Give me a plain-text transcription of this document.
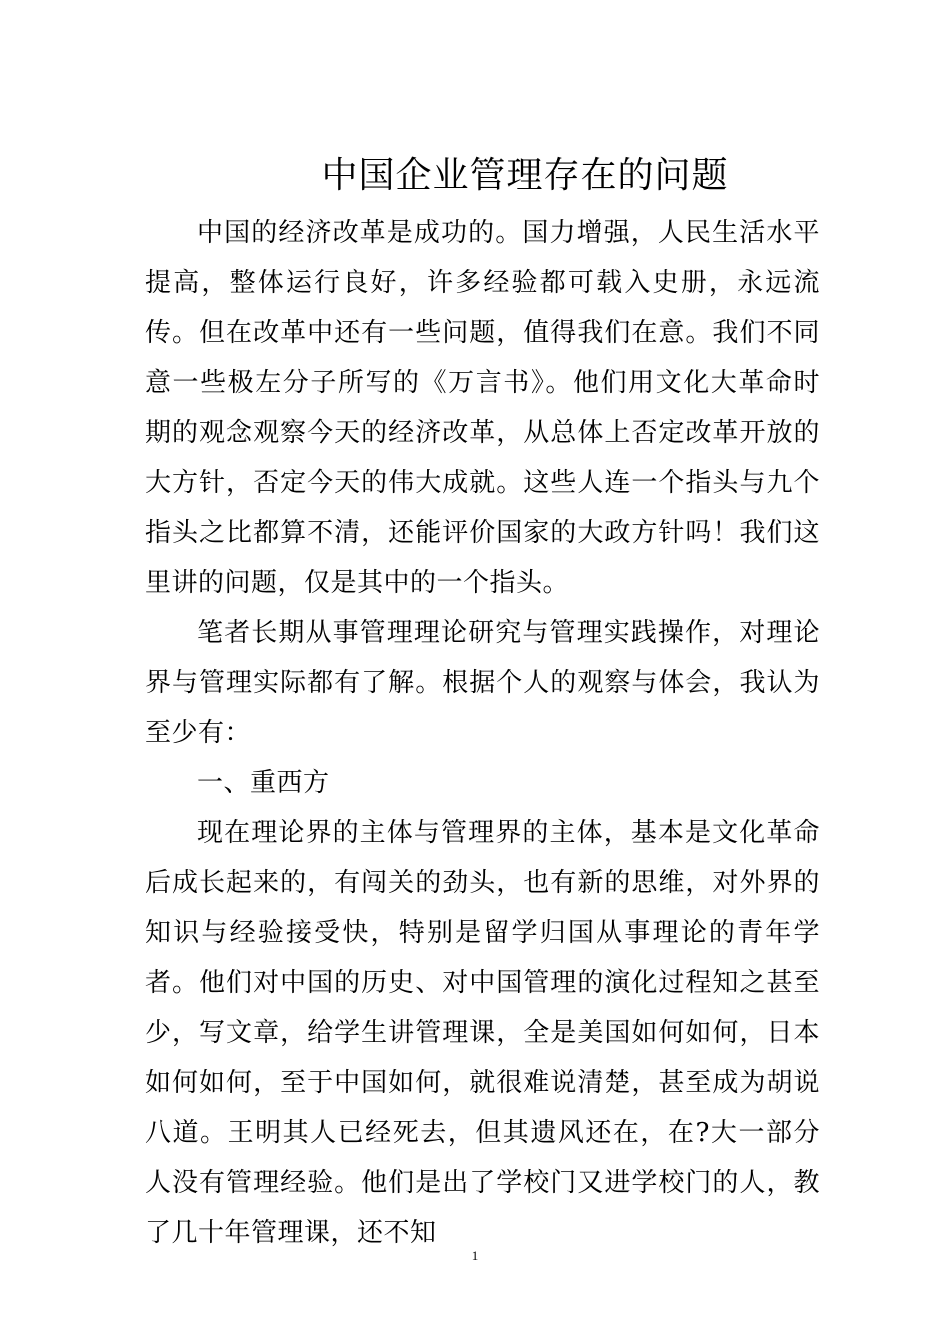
中国企业管理存在的问题

中国的经济改革是成功的。国力增强，人民生活水平提高，整体运行良好，许多经验都可载入史册，永远流传。但在改革中还有一些问题，值得我们在意。我们不同意一些极左分子所写的《万言书》。他们用文化大革命时期的观念观察今天的经济改革，从总体上否定改革开放的大方针，否定今天的伟大成就。这些人连一个指头与九个指头之比都算不清，还能评价国家的大政方针吗！我们这里讲的问题，仅是其中的一个指头。

笔者长期从事管理理论研究与管理实践操作，对理论界与管理实际都有了解。根据个人的观察与体会，我认为至少有：

一、重西方

现在理论界的主体与管理界的主体，基本是文化革命后成长起来的，有闯关的劲头，也有新的思维，对外界的知识与经验接受快，特别是留学归国从事理论的青年学者。他们对中国的历史、对中国管理的演化过程知之甚至少，写文章，给学生讲管理课，全是美国如何如何，日本如何如何，至于中国如何，就很难说清楚，甚至成为胡说八道。王明其人已经死去，但其遗风还在，在?大一部分人没有管理经验。他们是出了学校门又进学校门的人，教了几十年管理课，还不知

1
